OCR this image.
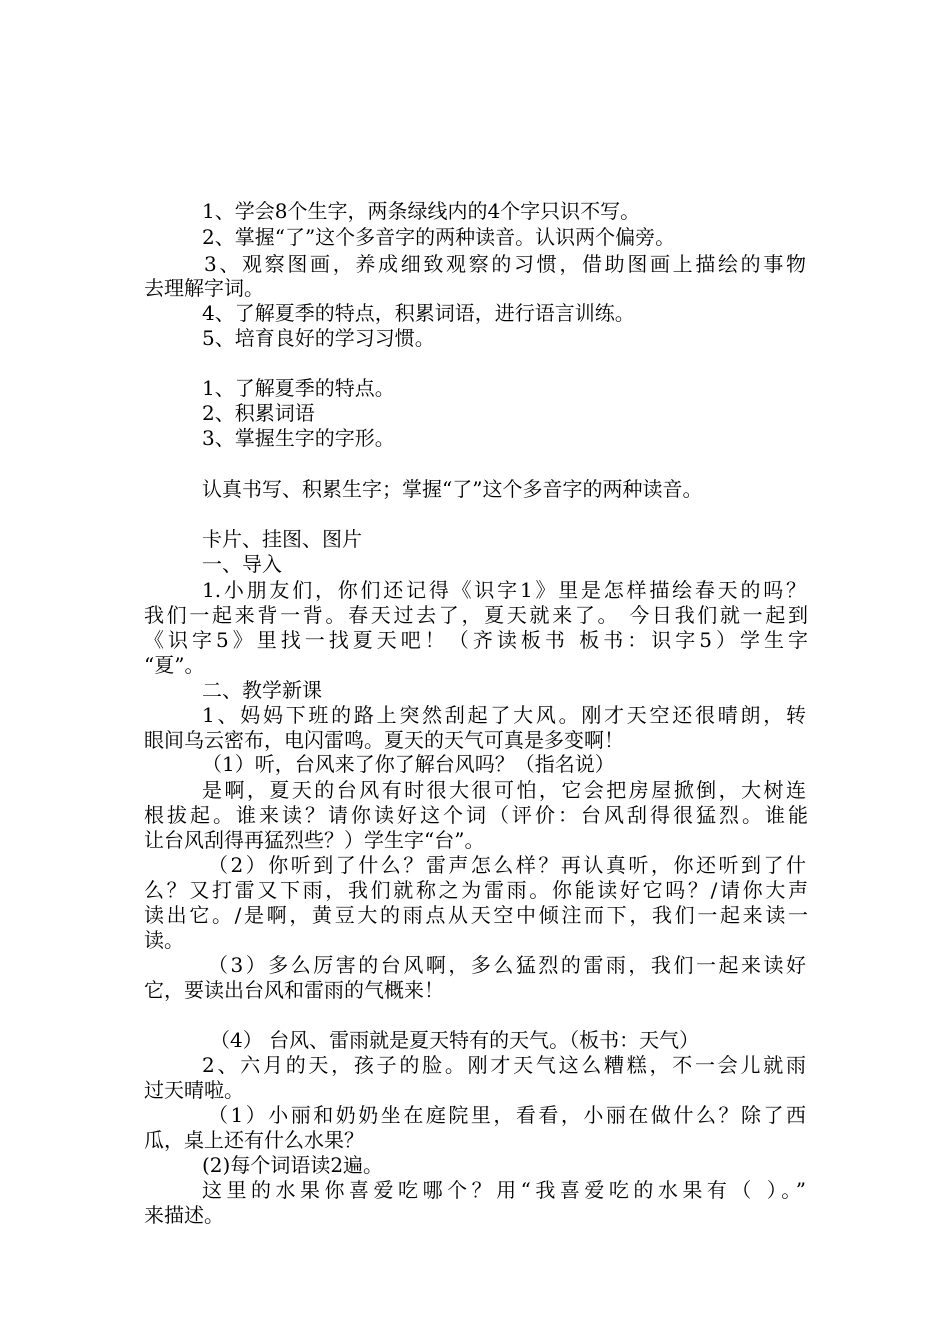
1、学会8个生字，两条绿线内的4个字只识不写。

2、掌握“了”这个多音字的两种读音。认识两个偏旁。

3、观察图画，养成细致观察的习惯，借助图画上描绘的事物

去理解字词。

4、了解夏季的特点，积累词语，进行语言训练。

5、培育良好的学习习惯。

1、了解夏季的特点。

2、积累词语

3、掌握生字的字形。

认真书写、积累生字；掌握“了”这个多音字的两种读音。

卡片、挂图、图片

一、导入

1.小朋友们，你们还记得《识字1》里是怎样描绘春天的吗？

我们一起来背一背。春天过去了，夏天就来了。 今日我们就一起到

《识字5》里找一找夏天吧！（齐读板书 板书：识字5）学生字

“夏”。

二、教学新课

1、妈妈下班的路上突然刮起了大风。刚才天空还很晴朗，转

眼间乌云密布，电闪雷鸣。夏天的天气可真是多变啊！

（1）听，台风来了你了解台风吗？（指名说）

是啊，夏天的台风有时很大很可怕，它会把房屋掀倒，大树连

根拔起。谁来读？请你读好这个词（评价：台风刮得很猛烈。谁能

让台风刮得再猛烈些？）学生字“台”。

（2）你听到了什么？雷声怎么样？再认真听，你还听到了什

么？又打雷又下雨，我们就称之为雷雨。你能读好它吗？/请你大声

读出它。/是啊，黄豆大的雨点从天空中倾注而下，我们一起来读一

读。

（3）多么厉害的台风啊，多么猛烈的雷雨，我们一起来读好

它，要读出台风和雷雨的气概来！

（4） 台风、雷雨就是夏天特有的天气。（板书：天气）

2、六月的天，孩子的脸。刚才天气这么糟糕，不一会儿就雨

过天晴啦。

（1）小丽和奶奶坐在庭院里，看看，小丽在做什么？除了西

瓜，桌上还有什么水果？

(2)每个词语读2遍。

这里的水果你喜爱吃哪个？用“我喜爱吃的水果有（ ）。”

来描述。
